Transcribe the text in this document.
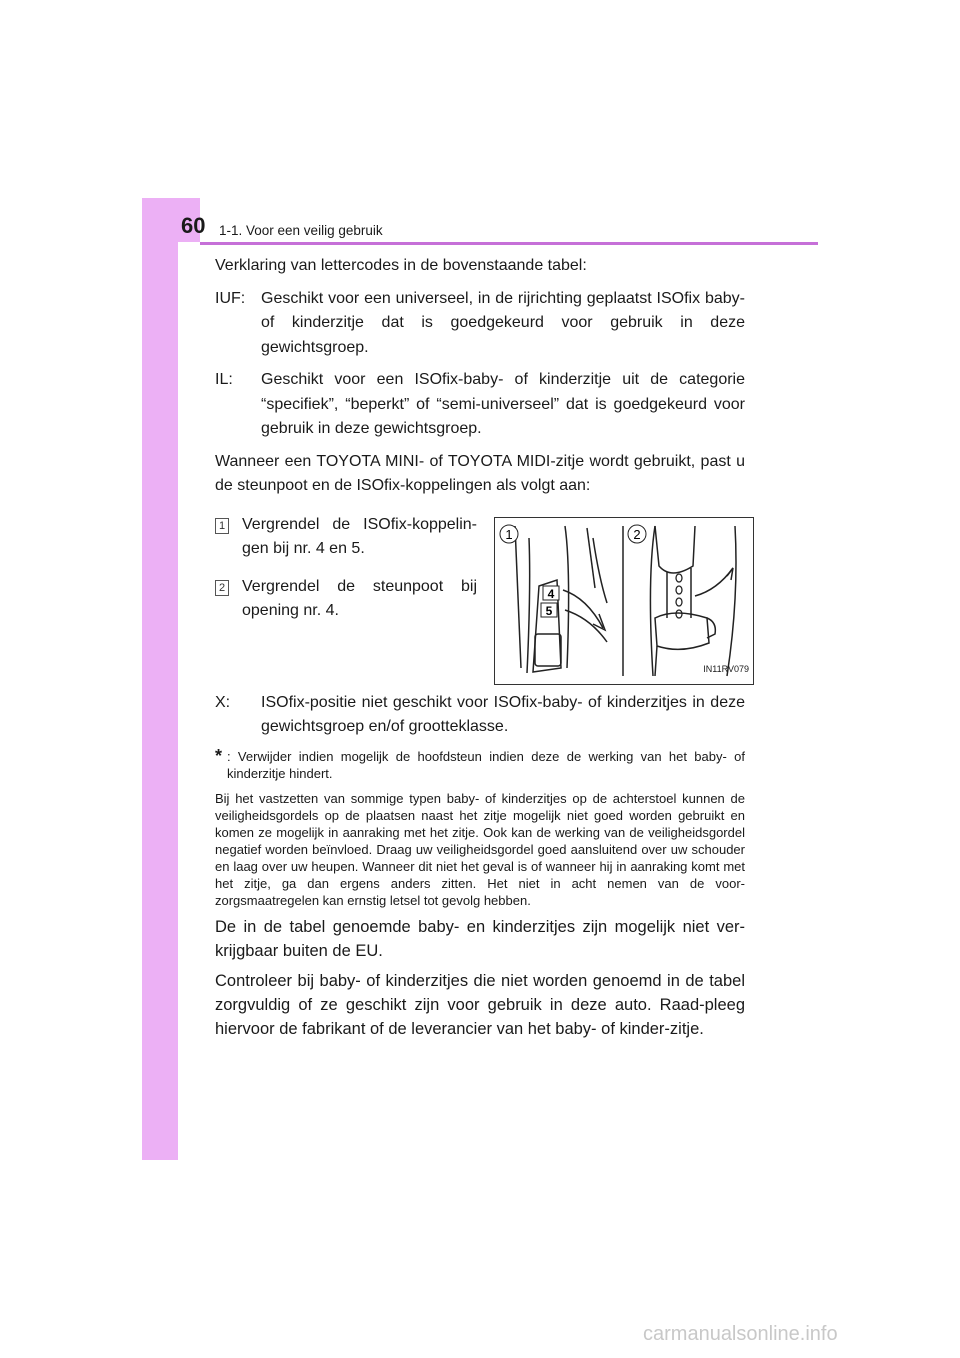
60 1-1. Voor een veilig gebruik

Verklaring van lettercodes in de bovenstaande tabel:

IUF: Geschikt voor een universeel, in de rijrichting geplaatst ISOfix baby- of kinderzitje dat is goedgekeurd voor gebruik in deze gewichtsgroep.
IL:	Geschikt voor een ISOfix-baby- of kinderzitje uit de categorie “specifiek”, “beperkt” of “semi-universeel” dat is goedgekeurd voor gebruik in deze gewichtsgroep.

Wanneer een TOYOTA MINI- of TOYOTA MIDI-zitje wordt gebruikt, past u de steunpoot en de ISOfix-koppelingen als volgt aan:

1 Vergrendel de ISOfix-koppelin-gen bij nr. 4 en 5.
2 Vergrendel de steunpoot bij opening nr. 4.
4
5
1	2
IN11RV079
X:	ISOfix-positie niet geschikt voor ISOfix-baby- of kinderzitjes in deze gewichtsgroep en/of grootteklasse.
* : Verwijder indien mogelijk de hoofdsteun indien deze de werking van het baby- of kinderzitje hindert.

Bij het vastzetten van sommige typen baby- of kinderzitjes op de achterstoel kunnen de veiligheidsgordels op de plaatsen naast het zitje mogelijk niet goed worden gebruikt en komen ze mogelijk in aanraking met het zitje. Ook kan de werking van de veiligheidsgordel negatief worden beïnvloed. Draag uw veiligheidsgordel goed aansluitend over uw schouder en laag over uw heupen. Wanneer dit niet het geval is of wanneer hij in aanraking komt met het zitje, ga dan ergens anders zitten. Het niet in acht nemen van de voor-zorgsmaatregelen kan ernstig letsel tot gevolg hebben.

De in de tabel genoemde baby- en kinderzitjes zijn mogelijk niet ver-krijgbaar buiten de EU.

Controleer bij baby- of kinderzitjes die niet worden genoemd in de tabel zorgvuldig of ze geschikt zijn voor gebruik in deze auto. Raad-pleeg hiervoor de fabrikant of de leverancier van het baby- of kinder-zitje.

carmanualsonline.info
